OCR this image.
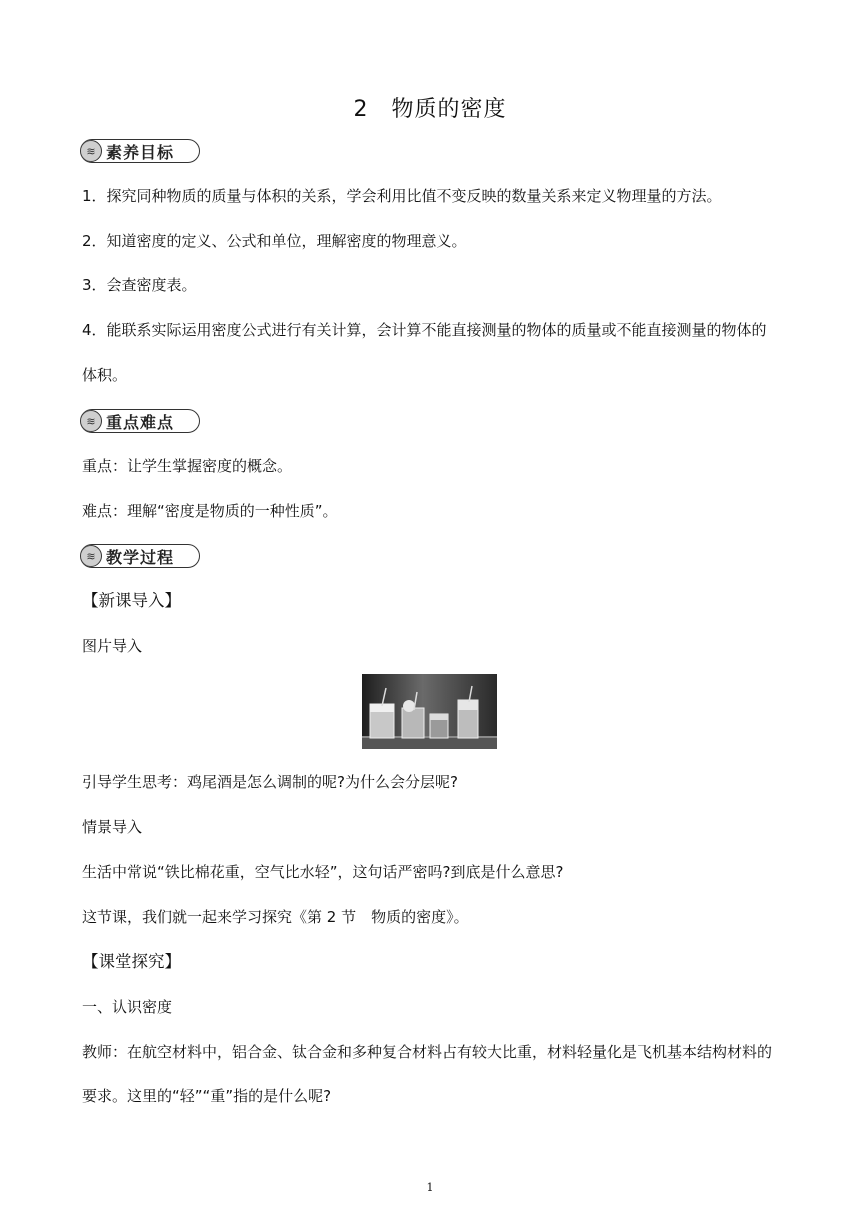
2　物质的密度
≋ 素养目标
1．探究同种物质的质量与体积的关系，学会利用比值不变反映的数量关系来定义物理量的方法。
2．知道密度的定义、公式和单位，理解密度的物理意义。
3．会查密度表。
4．能联系实际运用密度公式进行有关计算，会计算不能直接测量的物体的质量或不能直接测量的物体的
体积。
≋ 重点难点
重点：让学生掌握密度的概念。
难点：理解“密度是物质的一种性质”。
≋ 教学过程
【新课导入】
图片导入
引导学生思考：鸡尾酒是怎么调制的呢?为什么会分层呢?
情景导入
生活中常说“铁比棉花重，空气比水轻”，这句话严密吗?到底是什么意思?
这节课，我们就一起来学习探究《第 2 节　物质的密度》。
【课堂探究】
一、认识密度
教师：在航空材料中，铝合金、钛合金和多种复合材料占有较大比重，材料轻量化是飞机基本结构材料的
要求。这里的“轻”“重”指的是什么呢?
1
